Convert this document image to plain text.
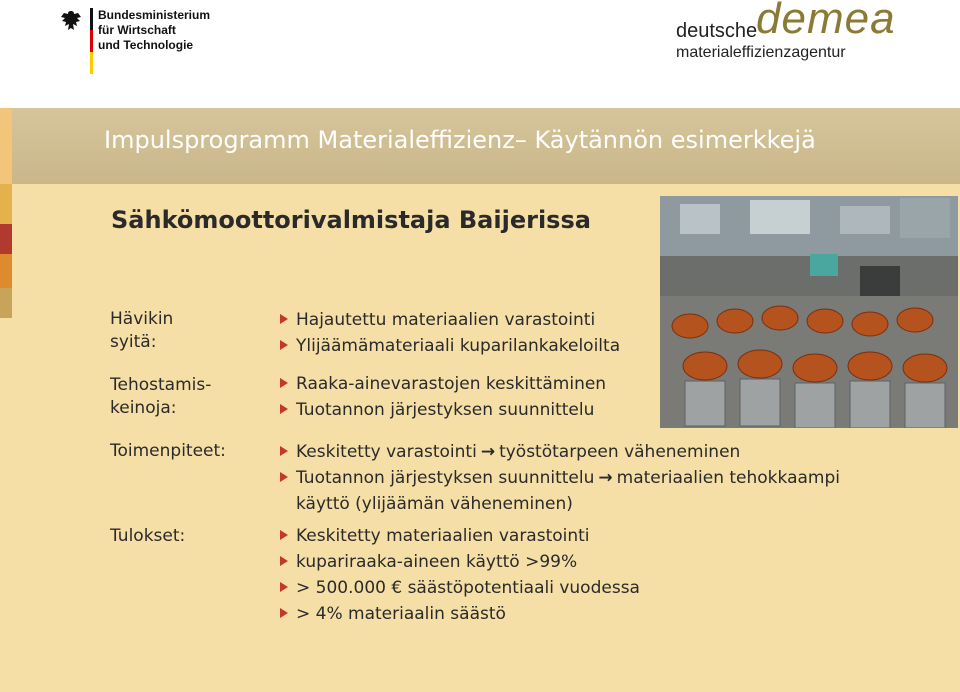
Bundesministerium
für Wirtschaft
und Technologie
deutsche
demea
materialeffizienzagentur
Impulsprogramm Materialeffizienz– Käytännön esimerkkejä
Sähkömoottorivalmistaja Baijerissa
Hävikin
syitä:
Hajautettu materiaalien varastointi
Ylijäämämateriaali kuparilankakeloilta
Tehostamis-
keinoja:
Raaka-ainevarastojen keskittäminen
Tuotannon järjestyksen suunnittelu
Toimenpiteet:	Keskitetty varastointi → työstötarpeen väheneminen
Tuotannon järjestyksen suunnittelu → materiaalien tehokkaampi
käyttö (ylijäämän väheneminen)
Tulokset:	Keskitetty materiaalien varastointi
kupariraaka-aineen käyttö >99%
> 500.000 € säästöpotentiaali vuodessa
> 4% materiaalin säästö
